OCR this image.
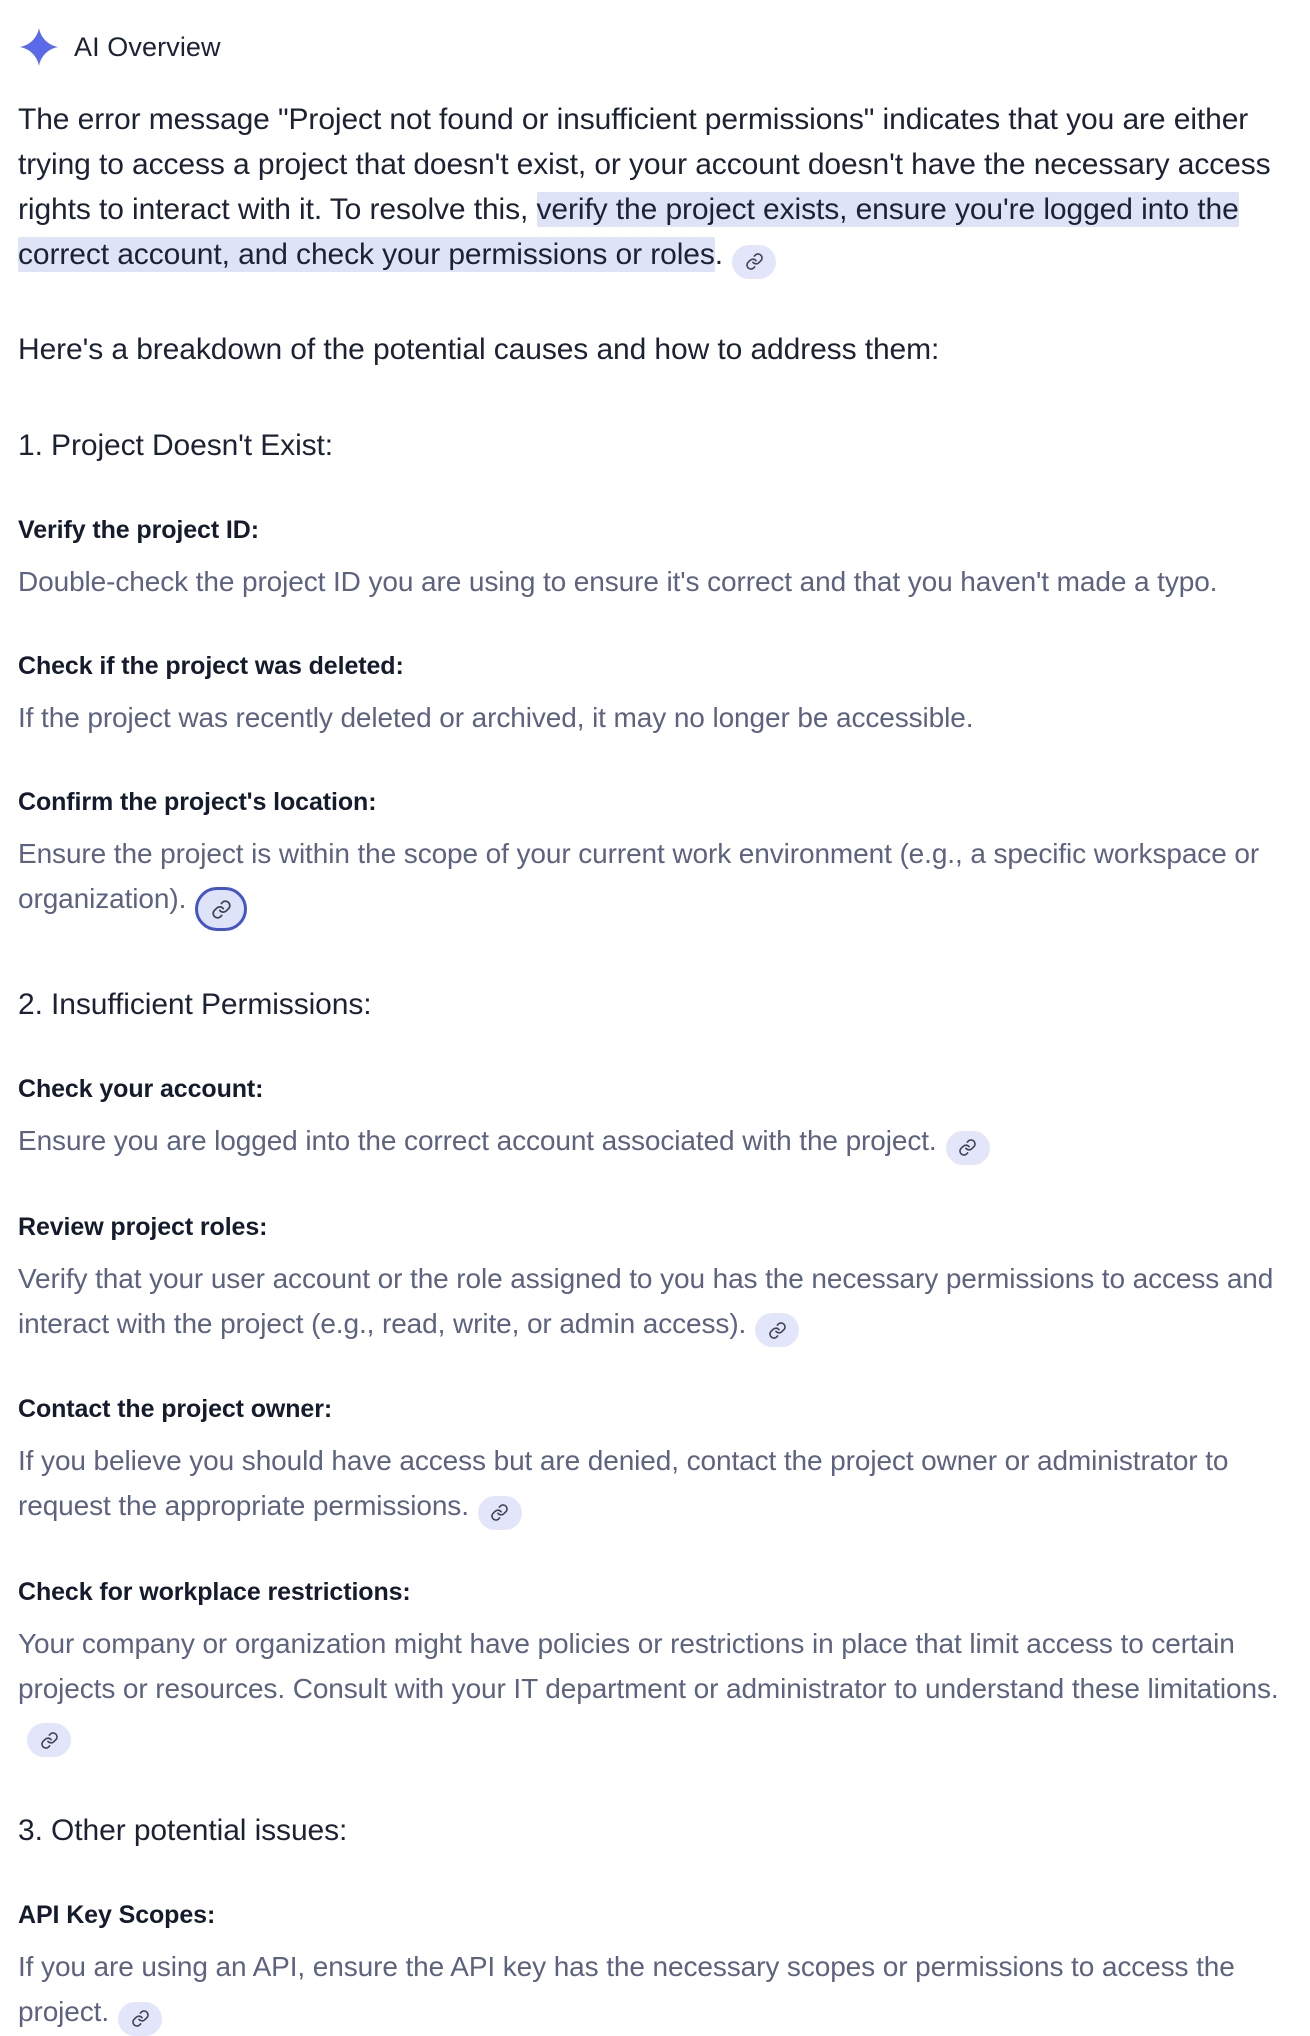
AI Overview

The error message "Project not found or insufficient permissions" indicates that you are either trying to access a project that doesn't exist, or your account doesn't have the necessary access rights to interact with it. To resolve this, verify the project exists, ensure you're logged into the correct account, and check your permissions or roles.

Here's a breakdown of the potential causes and how to address them:

1. Project Doesn't Exist:

Verify the project ID:

Double-check the project ID you are using to ensure it's correct and that you haven't made a typo.

Check if the project was deleted:

If the project was recently deleted or archived, it may no longer be accessible.

Confirm the project's location:

Ensure the project is within the scope of your current work environment (e.g., a specific workspace or organization).

2. Insufficient Permissions:

Check your account:

Ensure you are logged into the correct account associated with the project.

Review project roles:

Verify that your user account or the role assigned to you has the necessary permissions to access and interact with the project (e.g., read, write, or admin access).

Contact the project owner:

If you believe you should have access but are denied, contact the project owner or administrator to request the appropriate permissions.

Check for workplace restrictions:

Your company or organization might have policies or restrictions in place that limit access to certain projects or resources. Consult with your IT department or administrator to understand these limitations.

3. Other potential issues:

API Key Scopes:

If you are using an API, ensure the API key has the necessary scopes or permissions to access the project.
